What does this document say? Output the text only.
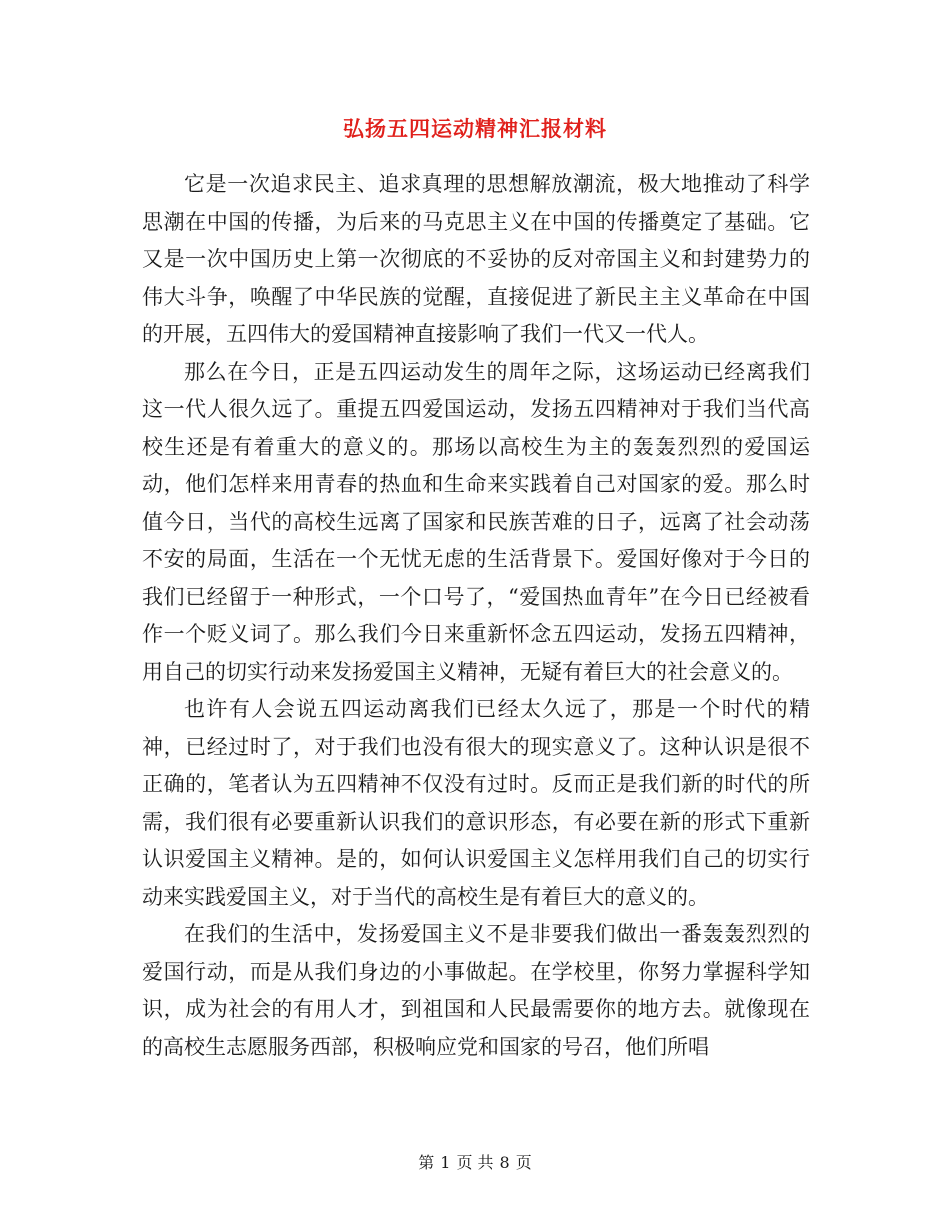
弘扬五四运动精神汇报材料

它是一次追求民主、追求真理的思想解放潮流，极大地推动了科学思潮在中国的传播，为后来的马克思主义在中国的传播奠定了基础。它又是一次中国历史上第一次彻底的不妥协的反对帝国主义和封建势力的伟大斗争，唤醒了中华民族的觉醒，直接促进了新民主主义革命在中国的开展，五四伟大的爱国精神直接影响了我们一代又一代人。

那么在今日，正是五四运动发生的周年之际，这场运动已经离我们这一代人很久远了。重提五四爱国运动，发扬五四精神对于我们当代高校生还是有着重大的意义的。那场以高校生为主的轰轰烈烈的爱国运动，他们怎样来用青春的热血和生命来实践着自己对国家的爱。那么时值今日，当代的高校生远离了国家和民族苦难的日子，远离了社会动荡不安的局面，生活在一个无忧无虑的生活背景下。爱国好像对于今日的我们已经留于一种形式，一个口号了，“爱国热血青年”在今日已经被看作一个贬义词了。那么我们今日来重新怀念五四运动，发扬五四精神，用自己的切实行动来发扬爱国主义精神，无疑有着巨大的社会意义的。

也许有人会说五四运动离我们已经太久远了，那是一个时代的精神，已经过时了，对于我们也没有很大的现实意义了。这种认识是很不正确的，笔者认为五四精神不仅没有过时。反而正是我们新的时代的所需，我们很有必要重新认识我们的意识形态，有必要在新的形式下重新认识爱国主义精神。是的，如何认识爱国主义怎样用我们自己的切实行动来实践爱国主义，对于当代的高校生是有着巨大的意义的。

在我们的生活中，发扬爱国主义不是非要我们做出一番轰轰烈烈的爱国行动，而是从我们身边的小事做起。在学校里，你努力掌握科学知识，成为社会的有用人才，到祖国和人民最需要你的地方去。就像现在的高校生志愿服务西部，积极响应党和国家的号召，他们所唱

第 1 页 共 8 页
